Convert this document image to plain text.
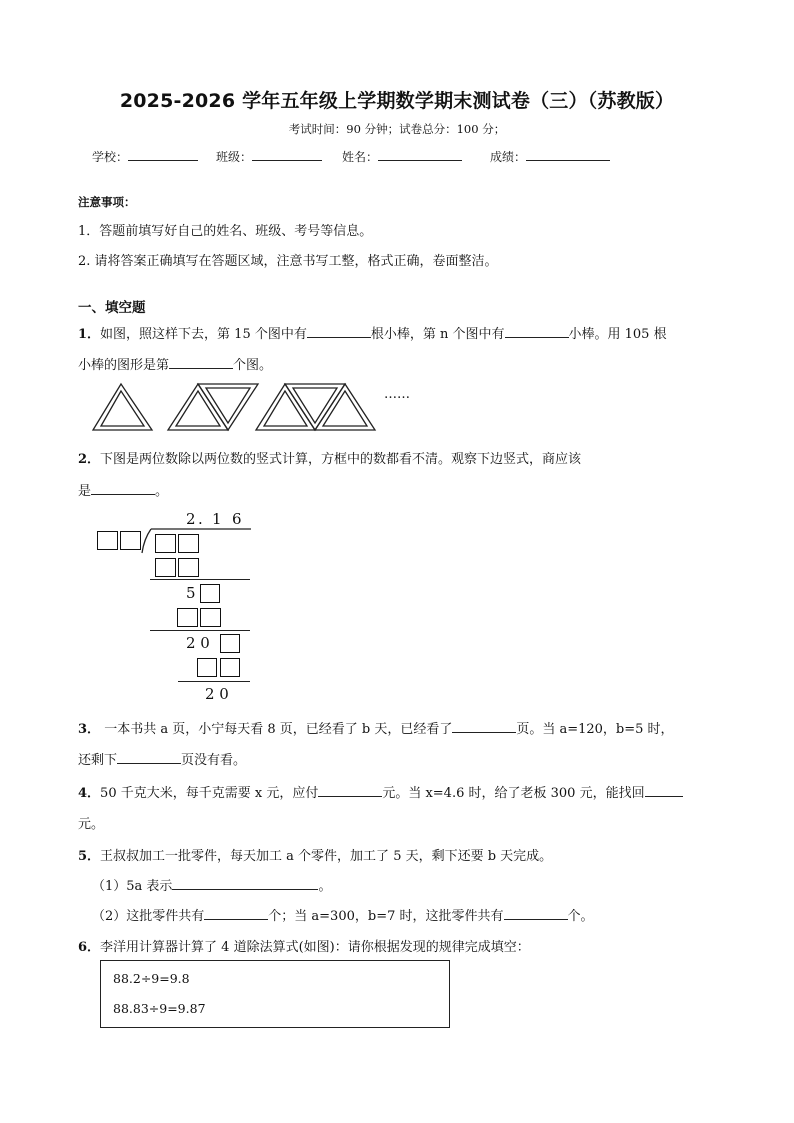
2025-2026 学年五年级上学期数学期末测试卷（三）（苏教版）
考试时间：90 分钟；试卷总分：100 分；
学校：	班级：	姓名：	成绩：
注意事项：
1．答题前填写好自己的姓名、班级、考号等信息。
2. 请将答案正确填写在答题区域，注意书写工整，格式正确，卷面整洁。
一、填空题
1．如图，照这样下去，第 15 个图中有	根小棒，第 n 个图中有	小棒。用 105 根
小棒的图形是第	个图。
……
2．下图是两位数除以两位数的竖式计算，方框中的数都看不清。观察下边竖式，商应该
是	。
2 . 1 6
5
2 0
2 0
3． 一本书共 a 页，小宁每天看 8 页，已经看了 b 天，已经看了	页。当 a=120，b=5 时，
还剩下	页没有看。
4．50 千克大米，每千克需要 x 元，应付	元。当 x=4.6 时，给了老板 300 元，能找回
元。
5．王叔叔加工一批零件，每天加工 a 个零件，加工了 5 天，剩下还要 b 天完成。
（1）5a 表示	。
（2）这批零件共有	个；当 a=300，b=7 时，这批零件共有	个。
6．李洋用计算器计算了 4 道除法算式(如图)：请你根据发现的规律完成填空：
88.2÷9=9.8
88.83÷9=9.87
